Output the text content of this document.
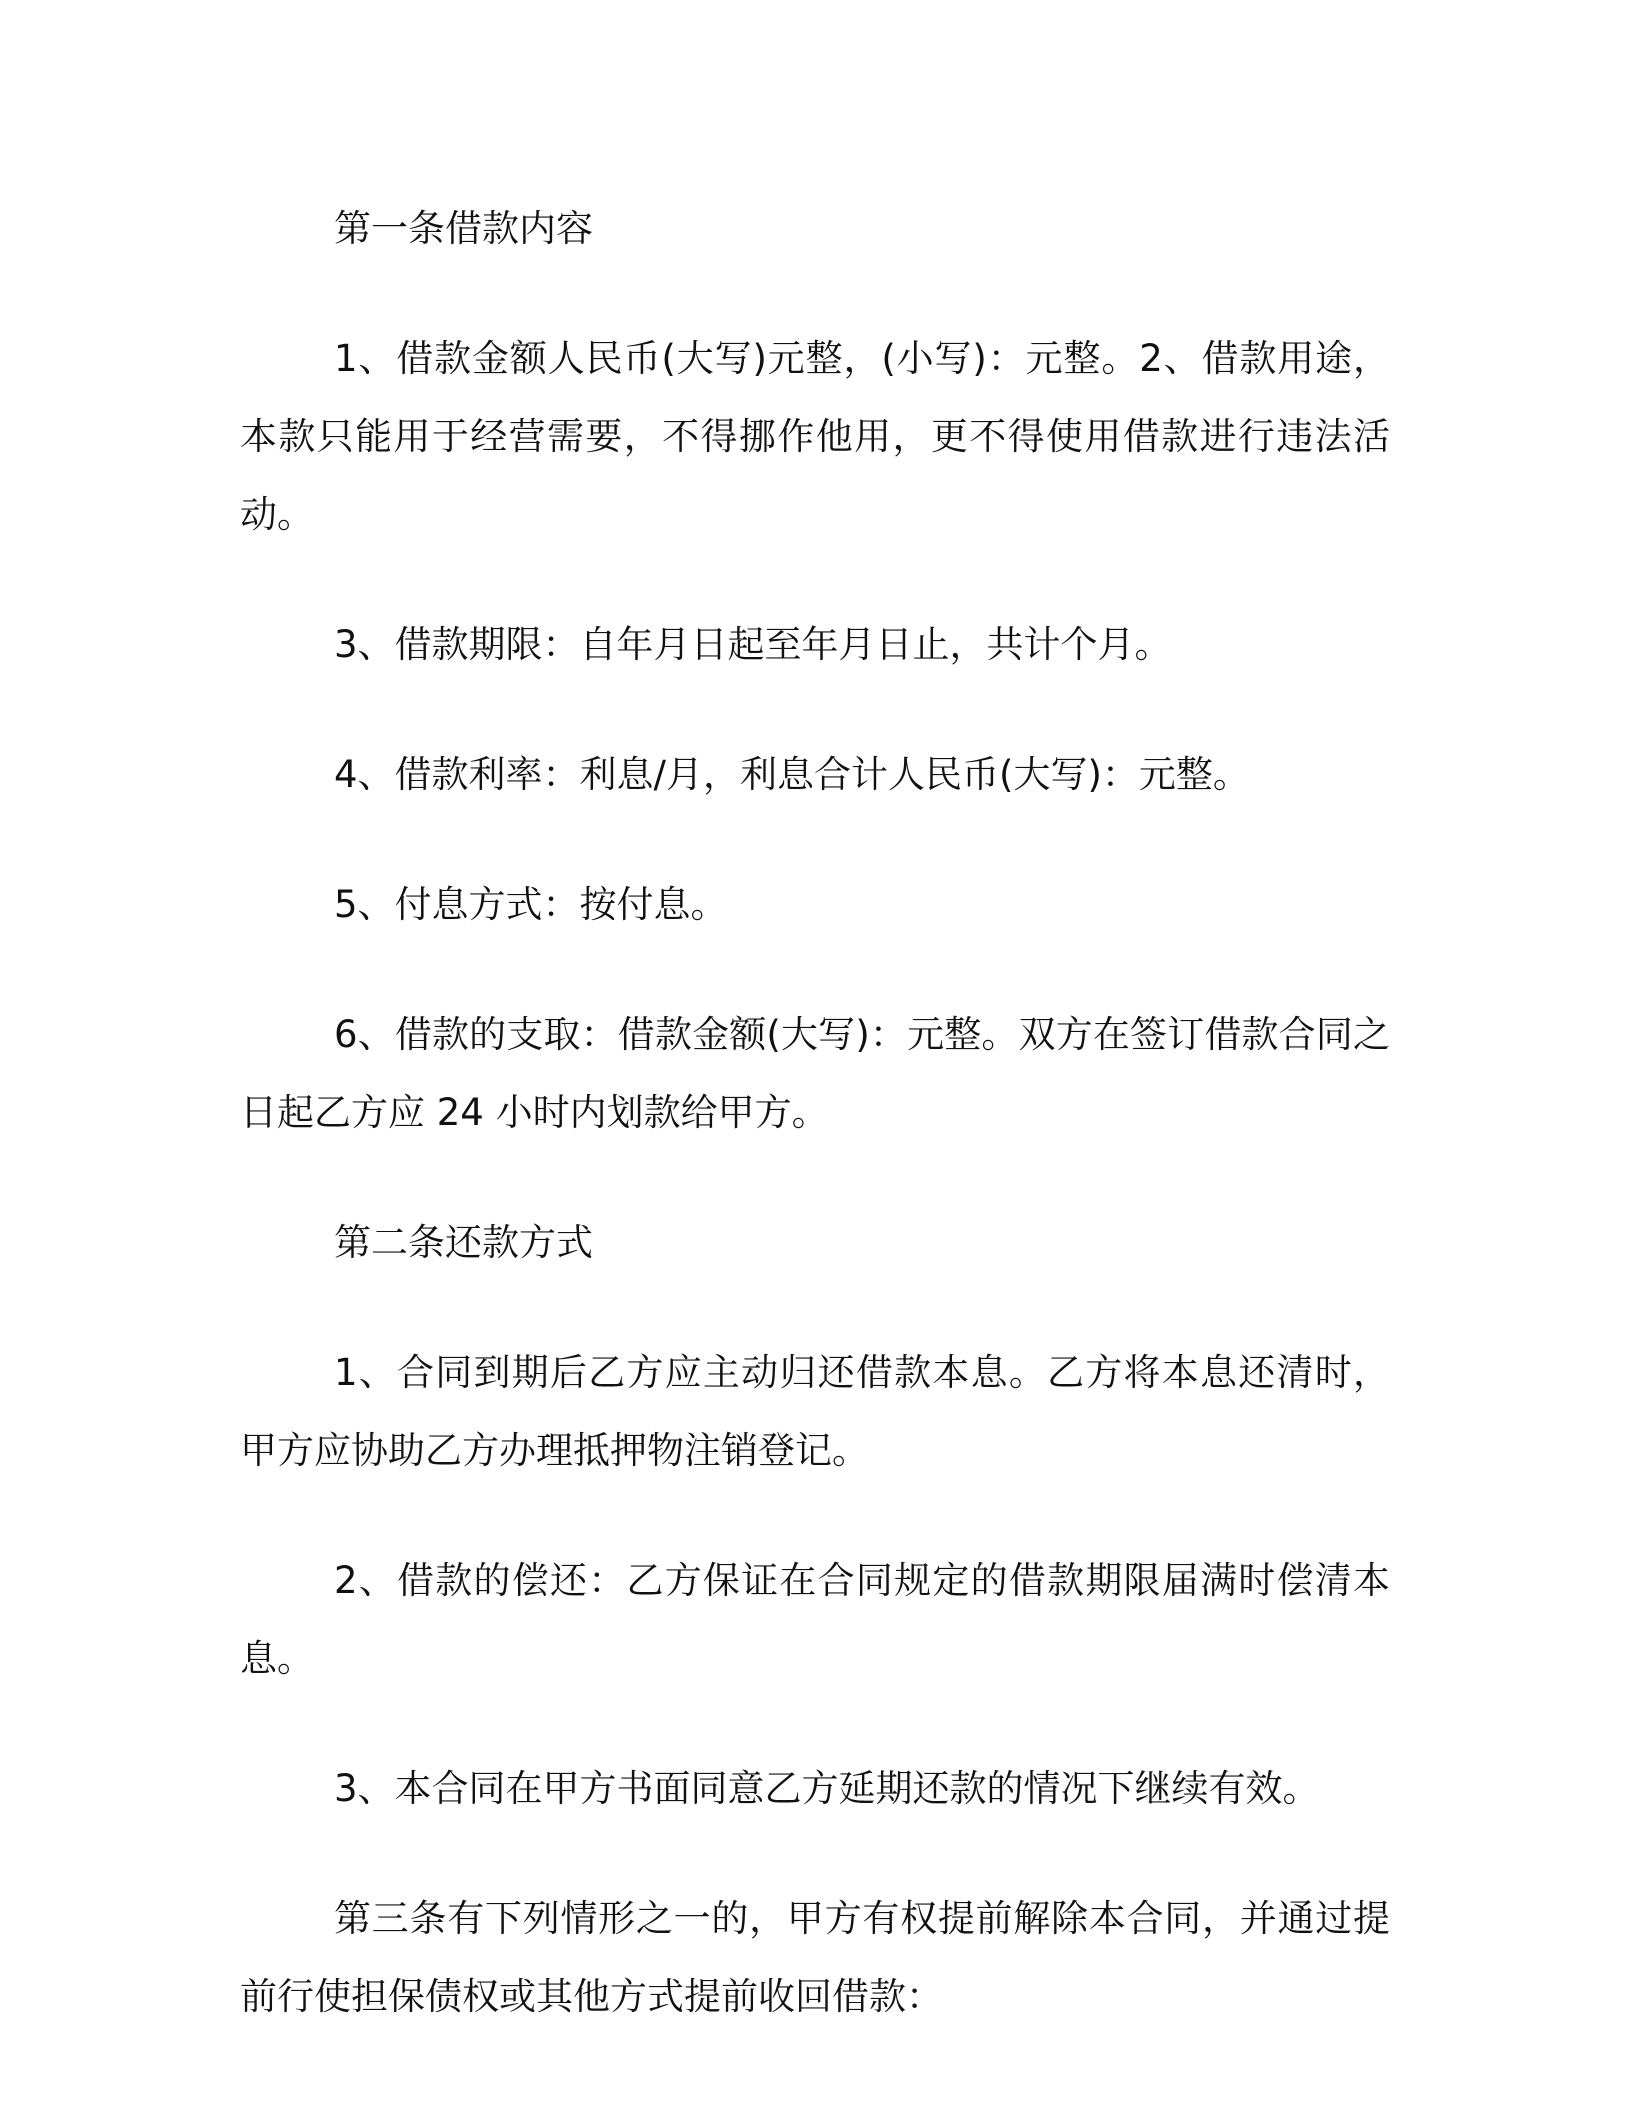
第一条借款内容

1、借款金额人民币(大写)元整，(小写)：元整。2、借款用途，本款只能用于经营需要，不得挪作他用，更不得使用借款进行违法活动。

3、借款期限：自年月日起至年月日止，共计个月。

4、借款利率：利息/月，利息合计人民币(大写)：元整。

5、付息方式：按付息。

6、借款的支取：借款金额(大写)：元整。双方在签订借款合同之日起乙方应 24 小时内划款给甲方。

第二条还款方式

1、合同到期后乙方应主动归还借款本息。乙方将本息还清时，甲方应协助乙方办理抵押物注销登记。

2、借款的偿还：乙方保证在合同规定的借款期限届满时偿清本息。

3、本合同在甲方书面同意乙方延期还款的情况下继续有效。

第三条有下列情形之一的，甲方有权提前解除本合同，并通过提前行使担保债权或其他方式提前收回借款：
